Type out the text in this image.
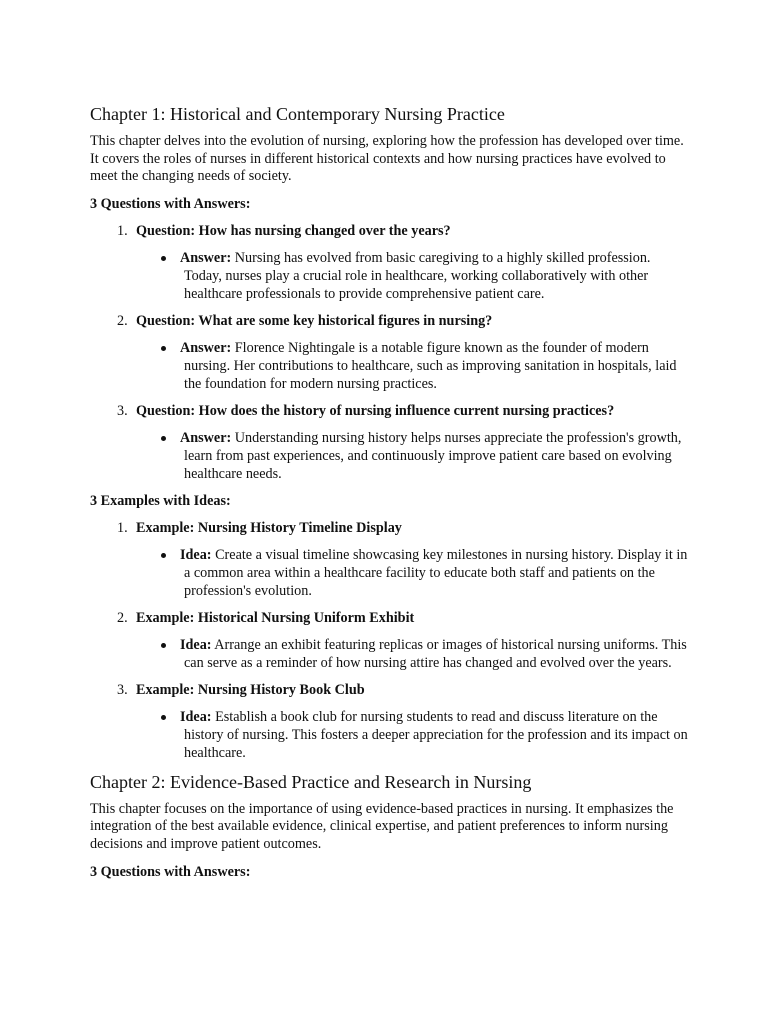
Chapter 1: Historical and Contemporary Nursing Practice

This chapter delves into the evolution of nursing, exploring how the profession has developed over time. It covers the roles of nurses in different historical contexts and how nursing practices have evolved to meet the changing needs of society.

3 Questions with Answers:
1. Question: How has nursing changed over the years?
Answer: Nursing has evolved from basic caregiving to a highly skilled profession. Today, nurses play a crucial role in healthcare, working collaboratively with other healthcare professionals to provide comprehensive patient care.
2. Question: What are some key historical figures in nursing?
Answer: Florence Nightingale is a notable figure known as the founder of modern nursing. Her contributions to healthcare, such as improving sanitation in hospitals, laid the foundation for modern nursing practices.
3. Question: How does the history of nursing influence current nursing practices?
Answer: Understanding nursing history helps nurses appreciate the profession's growth, learn from past experiences, and continuously improve patient care based on evolving healthcare needs.
3 Examples with Ideas:
1. Example: Nursing History Timeline Display
Idea: Create a visual timeline showcasing key milestones in nursing history. Display it in a common area within a healthcare facility to educate both staff and patients on the profession's evolution.
2. Example: Historical Nursing Uniform Exhibit
Idea: Arrange an exhibit featuring replicas or images of historical nursing uniforms. This can serve as a reminder of how nursing attire has changed and evolved over the years.
3. Example: Nursing History Book Club
Idea: Establish a book club for nursing students to read and discuss literature on the history of nursing. This fosters a deeper appreciation for the profession and its impact on healthcare.
Chapter 2: Evidence-Based Practice and Research in Nursing

This chapter focuses on the importance of using evidence-based practices in nursing. It emphasizes the integration of the best available evidence, clinical expertise, and patient preferences to inform nursing decisions and improve patient outcomes.

3 Questions with Answers:
